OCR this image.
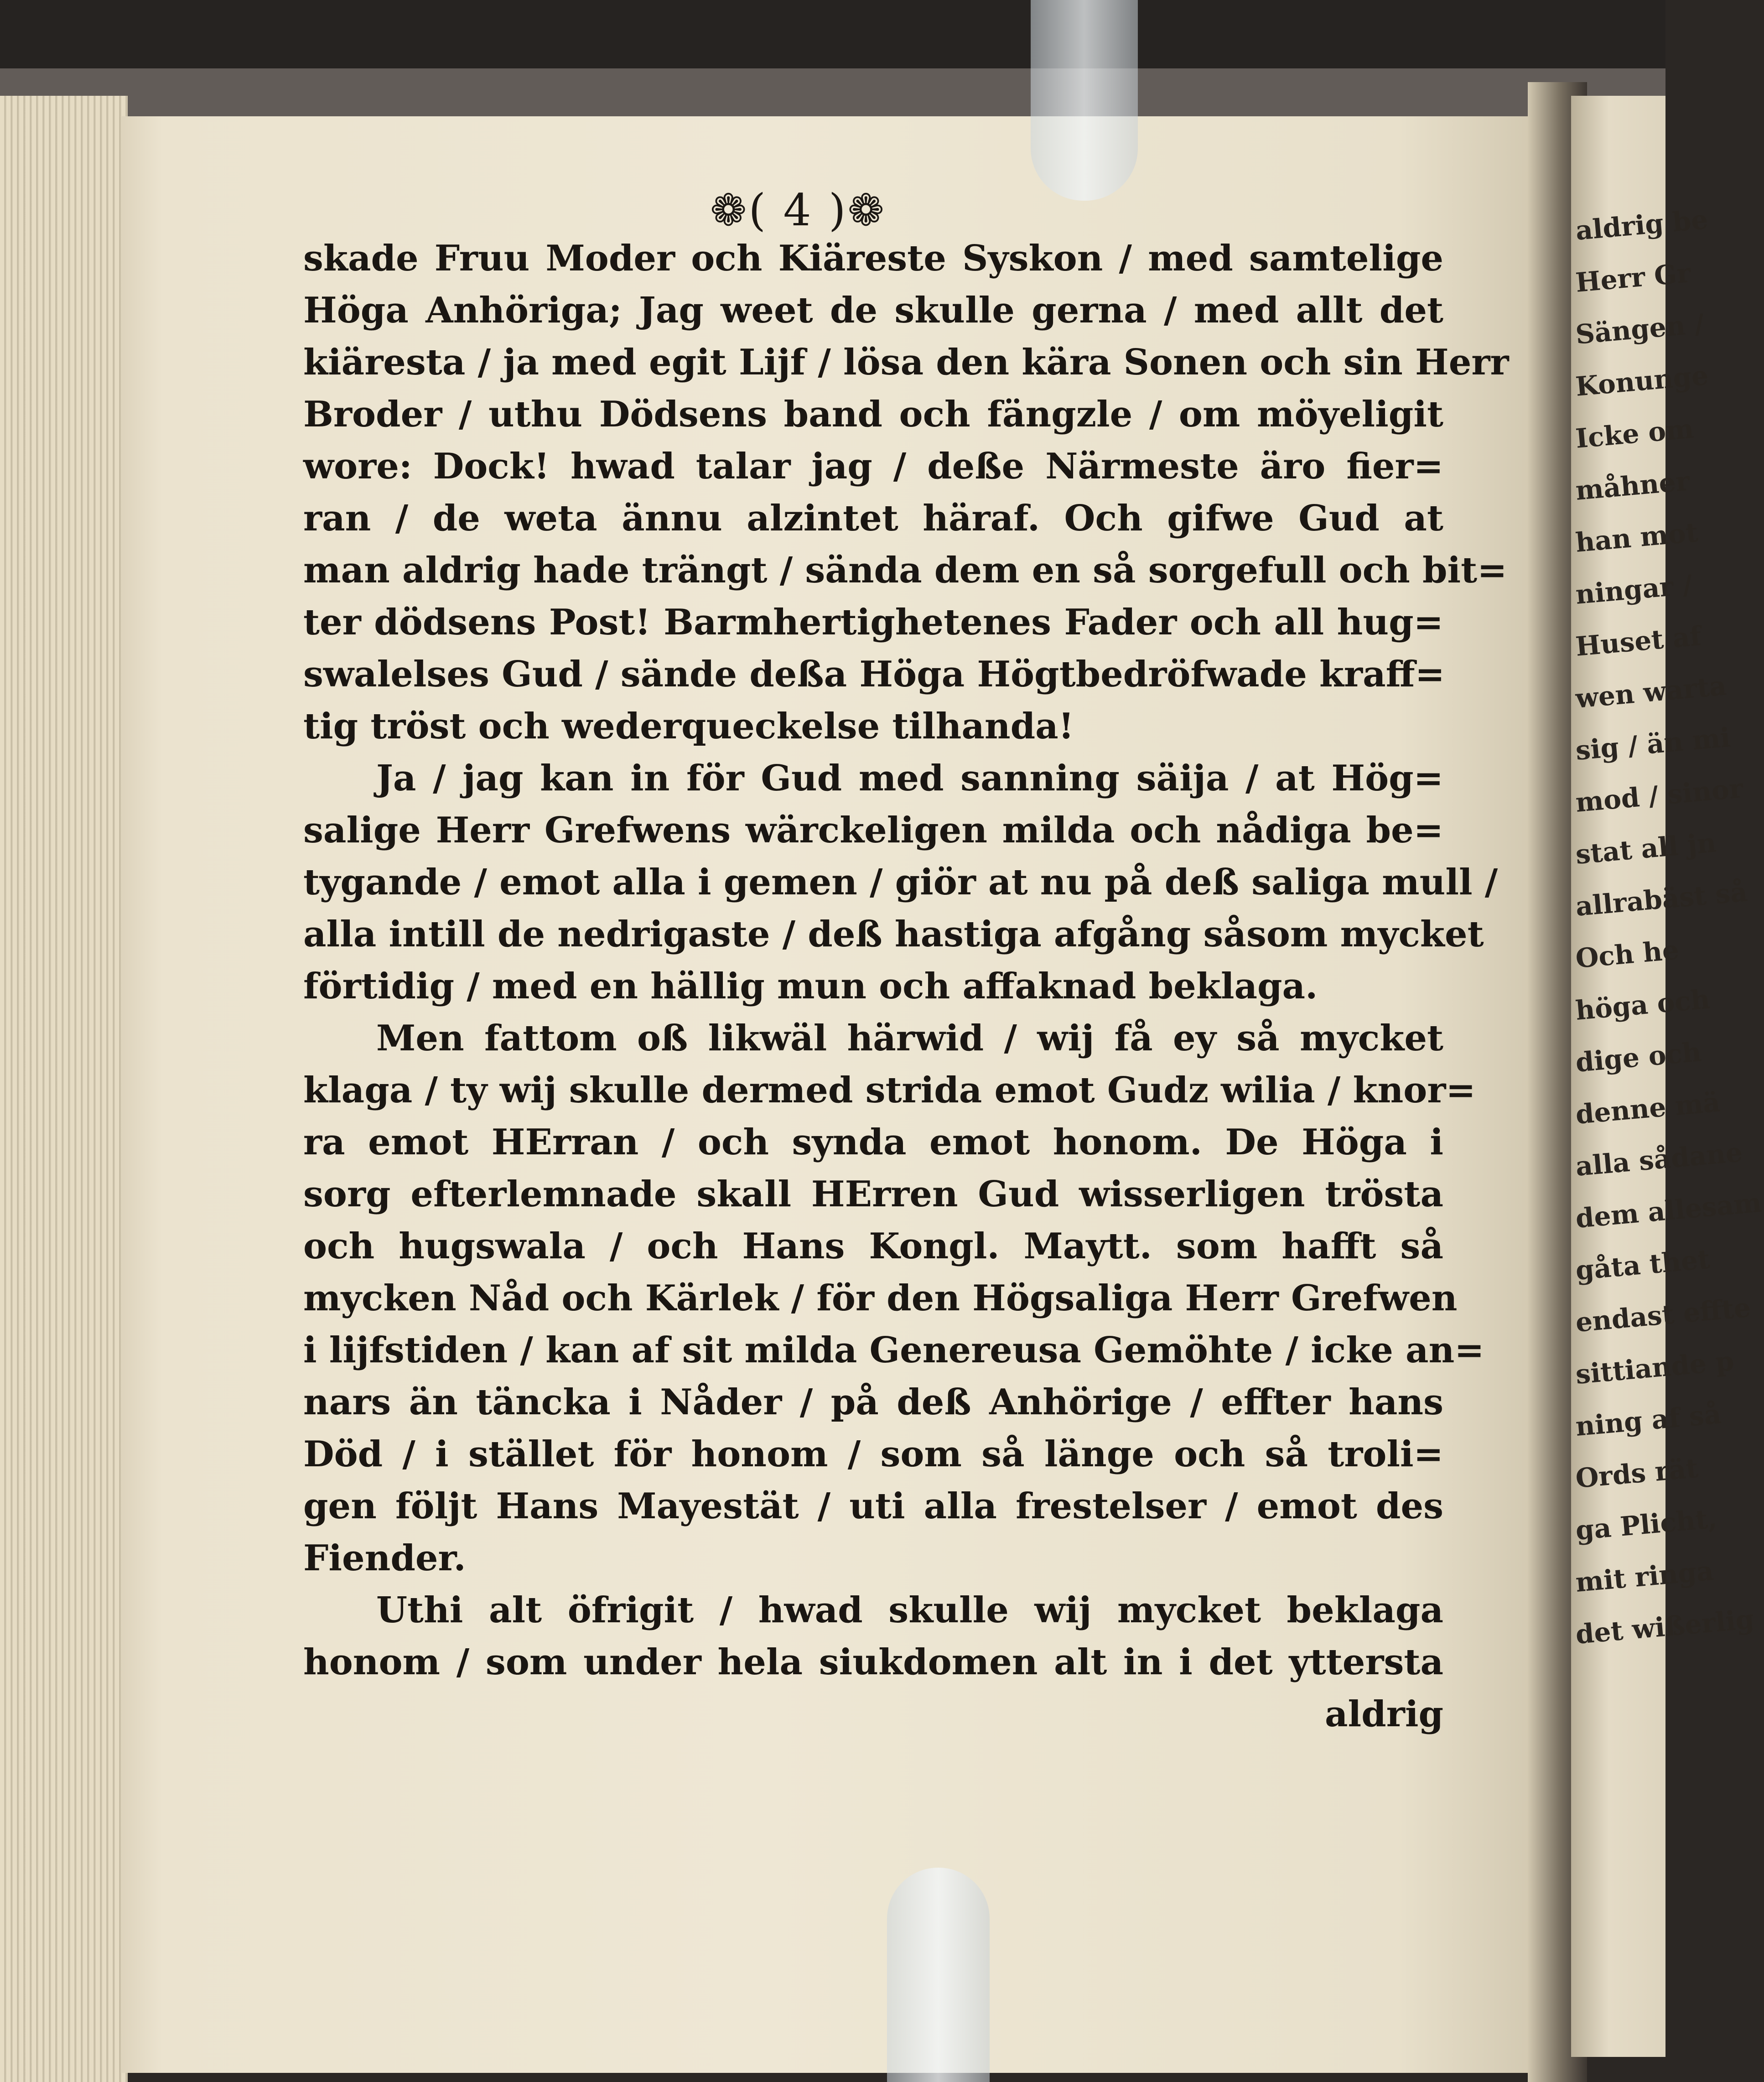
aldrig be
Herr Gr
Sängen /
Konunge
Icke om
måhner
han mot
ningar /
Huset af
wen warta
sig / än mi
mod / sinor
stat all jn
allrabäst så
Och he
höga och
dige och
denne mä
alla sådane
dem allesam
gåta thet
endast effte
sittiande p
ning af så
Ords rät
ga Plicht,
mit ringa
det wißerlig
❁( 4 )❁
skade Fruu Moder och Kiäreste Syskon / med samtelige
Höga Anhöriga; Jag weet de skulle gerna / med allt det
kiäresta / ja med egit Lijf / lösa den kära Sonen och sin Herr
Broder / uthu Dödsens band och fängzle / om möyeligit
wore: Dock! hwad talar jag / deße Närmeste äro fier=
ran / de weta ännu alzintet häraf. Och gifwe Gud at
man aldrig hade trängt / sända dem en så sorgefull och bit=
ter dödsens Post! Barmhertighetenes Fader och all hug=
swalelses Gud / sände deßa Höga Högtbedröfwade kraff=
tig tröst och wederqueckelse tilhanda!
Ja / jag kan in för Gud med sanning säija / at Hög=
salige Herr Grefwens wärckeligen milda och nådiga be=
tygande / emot alla i gemen / giör at nu på deß saliga mull /
alla intill de nedrigaste / deß hastiga afgång såsom mycket
förtidig / med en hällig mun och affaknad beklaga.
Men fattom oß likwäl härwid / wij få ey så mycket
klaga / ty wij skulle dermed strida emot Gudz wilia / knor=
ra emot HErran / och synda emot honom. De Höga i
sorg efterlemnade skall HErren Gud wisserligen trösta
och hugswala / och Hans Kongl. Maytt. som hafft så
mycken Nåd och Kärlek / för den Högsaliga Herr Grefwen
i lijfstiden / kan af sit milda Genereusa Gemöhte / icke an=
nars än täncka i Nåder / på deß Anhörige / effter hans
Död / i stället för honom / som så länge och så troli=
gen följt Hans Mayestät / uti alla frestelser / emot des
Fiender.
Uthi alt öfrigit / hwad skulle wij mycket beklaga
honom / som under hela siukdomen alt in i det yttersta
aldrig
